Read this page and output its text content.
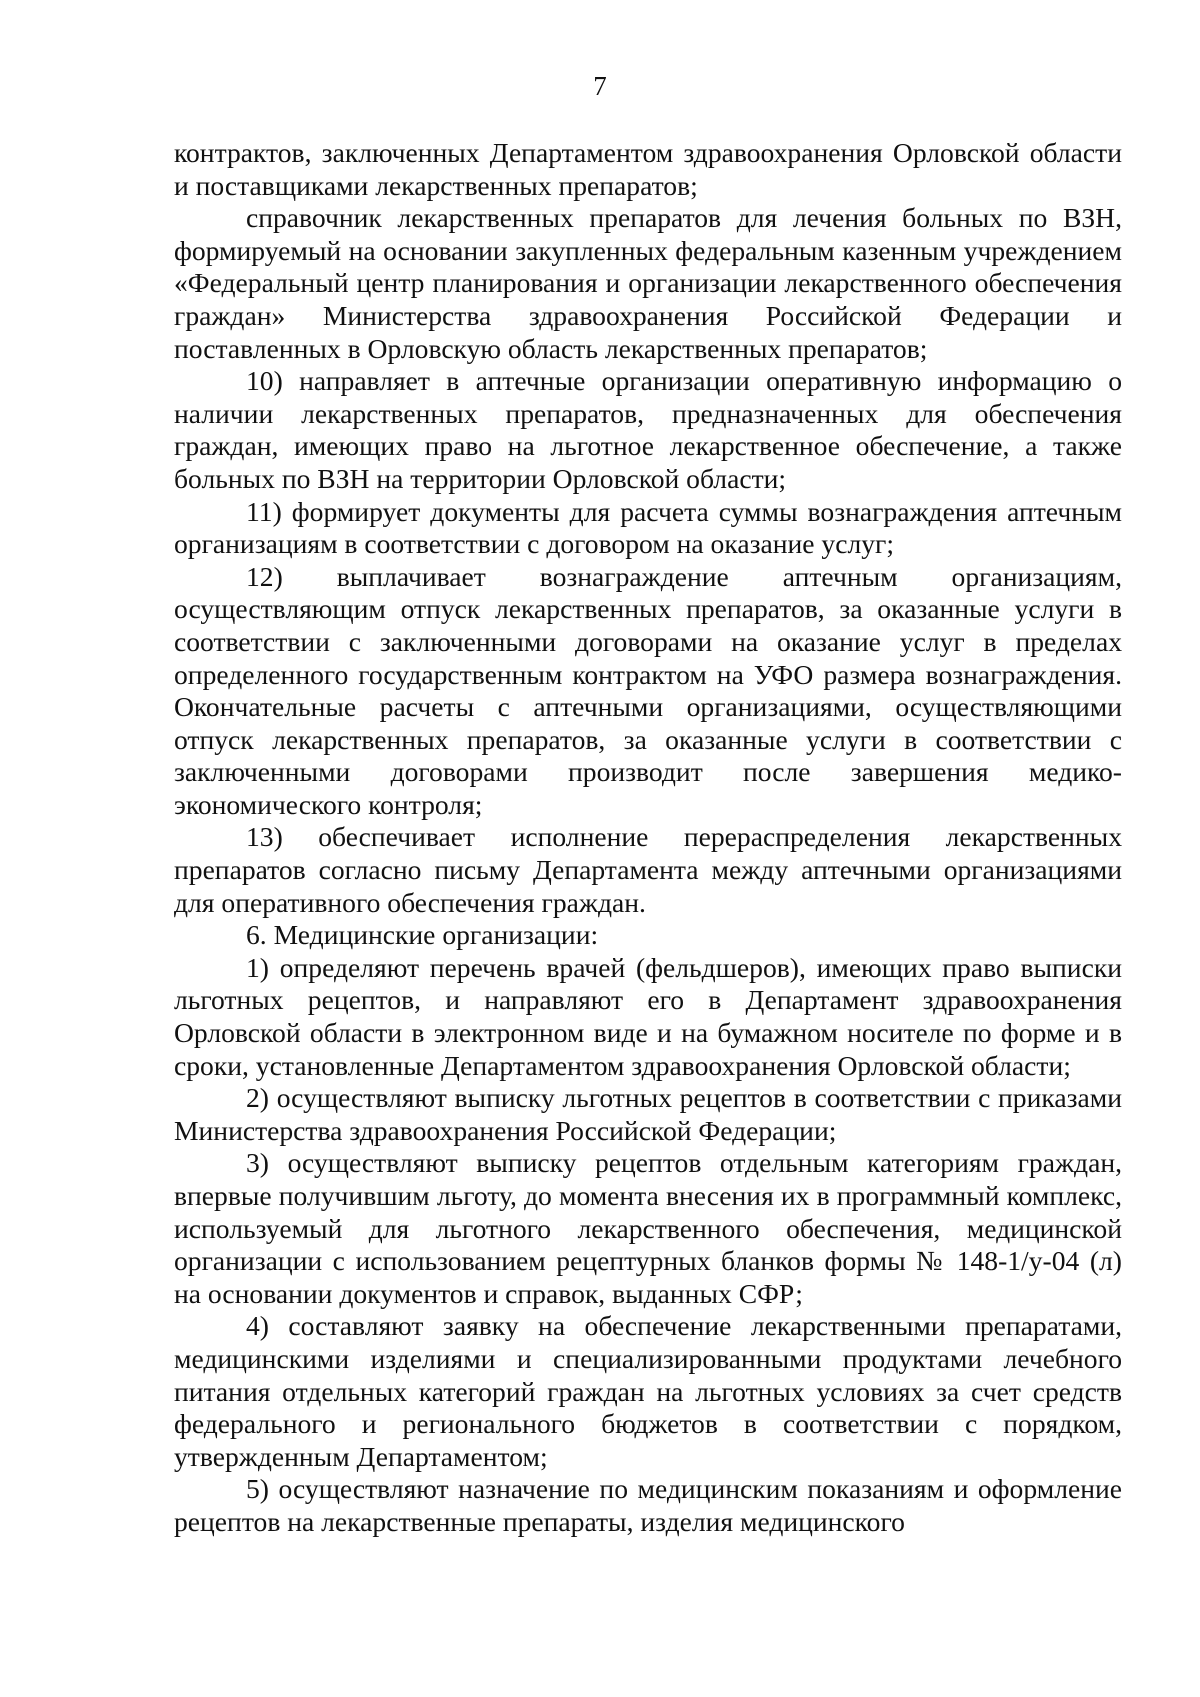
7

контрактов, заключенных Департаментом здравоохранения Орловской области и поставщиками лекарственных препаратов;

справочник лекарственных препаратов для лечения больных по ВЗН, формируемый на основании закупленных федеральным казенным учреждением «Федеральный центр планирования и организации лекарственного обеспечения граждан» Министерства здравоохранения Российской Федерации и поставленных в Орловскую область лекарственных препаратов;

10) направляет в аптечные организации оперативную информацию о наличии лекарственных препаратов, предназначенных для обеспечения граждан, имеющих право на льготное лекарственное обеспечение, а также больных по ВЗН на территории Орловской области;

11) формирует документы для расчета суммы вознаграждения аптечным организациям в соответствии с договором на оказание услуг;

12) выплачивает вознаграждение аптечным организациям, осуществляющим отпуск лекарственных препаратов, за оказанные услуги в соответствии с заключенными договорами на оказание услуг в пределах определенного государственным контрактом на УФО размера вознаграждения. Окончательные расчеты с аптечными организациями, осуществляющими отпуск лекарственных препаратов, за оказанные услуги в соответствии с заключенными договорами производит после завершения медико-экономического контроля;

13) обеспечивает исполнение перераспределения лекарственных препаратов согласно письму Департамента между аптечными организациями для оперативного обеспечения граждан.

6. Медицинские организации:

1) определяют перечень врачей (фельдшеров), имеющих право выписки льготных рецептов, и направляют его в Департамент здравоохранения Орловской области в электронном виде и на бумажном носителе по форме и в сроки, установленные Департаментом здравоохранения Орловской области;

2) осуществляют выписку льготных рецептов в соответствии с приказами Министерства здравоохранения Российской Федерации;

3) осуществляют выписку рецептов отдельным категориям граждан, впервые получившим льготу, до момента внесения их в программный комплекс, используемый для льготного лекарственного обеспечения, медицинской организации с использованием рецептурных бланков формы № 148-1/у-04 (л) на основании документов и справок, выданных СФР;

4) составляют заявку на обеспечение лекарственными препаратами, медицинскими изделиями и специализированными продуктами лечебного питания отдельных категорий граждан на льготных условиях за счет средств федерального и регионального бюджетов в соответствии с порядком, утвержденным Департаментом;

5) осуществляют назначение по медицинским показаниям и оформление рецептов на лекарственные препараты, изделия медицинского
